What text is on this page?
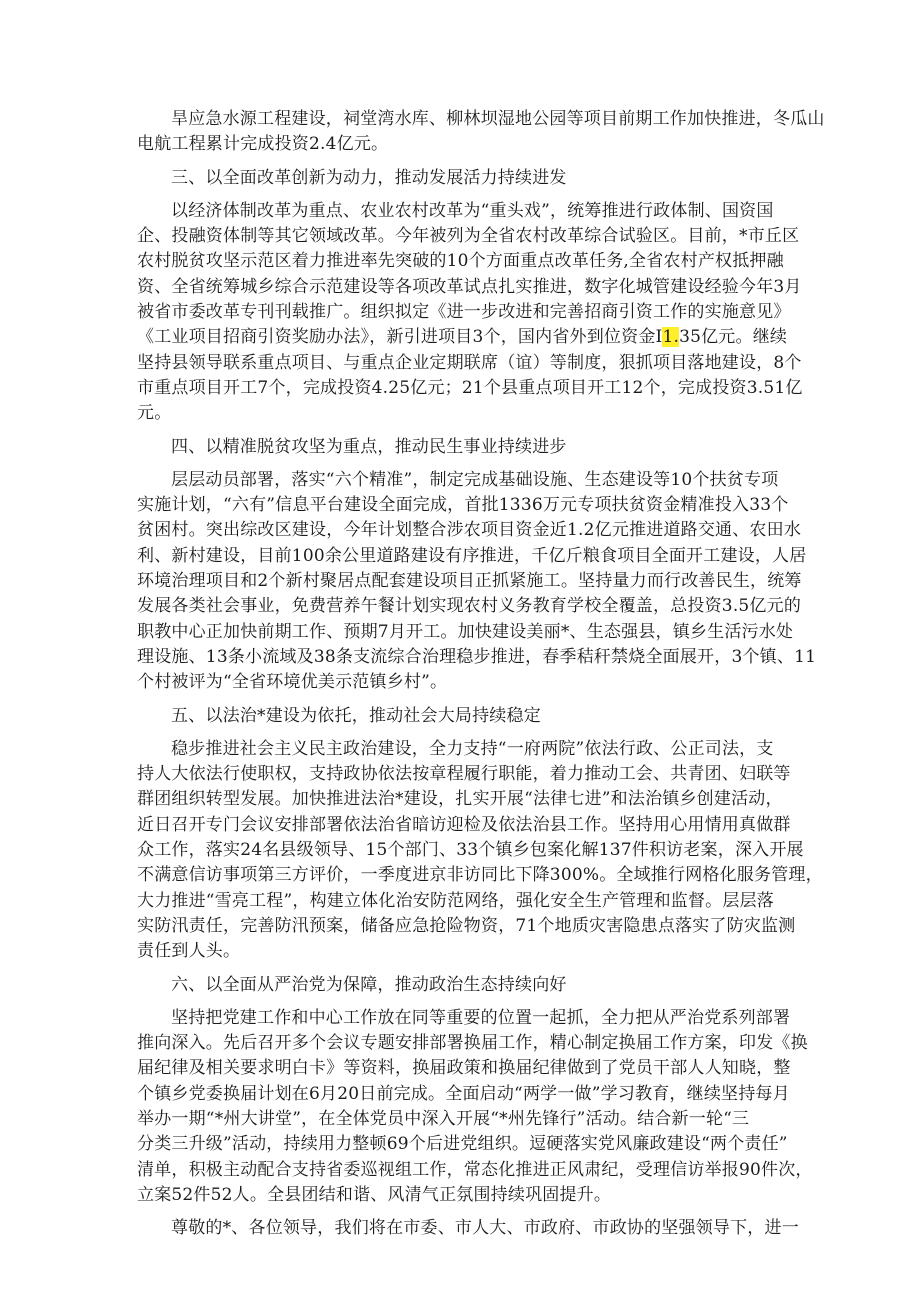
旱应急水源工程建设，祠堂湾水库、柳林坝湿地公园等项目前期工作加快推进，冬瓜山

电航工程累计完成投资2.4亿元。

三、以全面改革创新为动力，推动发展活力持续进发

以经济体制改革为重点、农业农村改革为“重头戏”，统筹推进行政体制、国资国

企、投融资体制等其它领域改革。今年被列为全省农村改革综合试验区。目前，*市丘区

农村脱贫攻坚示范区着力推进率先突破的10个方面重点改革任务,全省农村产权抵押融

资、全省统筹城乡综合示范建设等各项改革试点扎实推进，数字化城管建设经验今年3月

被省市委改革专刊刊载推广。组织拟定《进一步改进和完善招商引资工作的实施意见》

《工业项目招商引资奖励办法》，新引进项目3个，国内省外到位资金I1.35亿元。继续

坚持县领导联系重点项目、与重点企业定期联席（谊）等制度，狠抓项目落地建设，8个

市重点项目开工7个，完成投资4.25亿元；21个县重点项目开工12个，完成投资3.51亿

元。

四、以精准脱贫攻坚为重点，推动民生事业持续进步

层层动员部署，落实“六个精准”，制定完成基础设施、生态建设等10个扶贫专项

实施计划，“六有”信息平台建设全面完成，首批1336万元专项扶贫资金精准投入33个

贫困村。突出综改区建设，今年计划整合涉农项目资金近1.2亿元推进道路交通、农田水

利、新村建设，目前100余公里道路建设有序推进，千亿斤粮食项目全面开工建设，人居

环境治理项目和2个新村聚居点配套建设项目正抓紧施工。坚持量力而行改善民生，统筹

发展各类社会事业，免费营养午餐计划实现农村义务教育学校全覆盖，总投资3.5亿元的

职教中心正加快前期工作、预期7月开工。加快建设美丽*、生态强县，镇乡生活污水处

理设施、13条小流域及38条支流综合治理稳步推进，春季秸秆禁烧全面展开，3个镇、11

个村被评为“全省环境优美示范镇乡村”。

五、以法治*建设为依托，推动社会大局持续稳定

稳步推进社会主义民主政治建设，全力支持“一府两院”依法行政、公正司法，支

持人大依法行使职权，支持政协依法按章程履行职能，着力推动工会、共青团、妇联等

群团组织转型发展。加快推进法治*建设，扎实开展“法律七进”和法治镇乡创建活动，

近日召开专门会议安排部署依法治省暗访迎检及依法治县工作。坚持用心用情用真做群

众工作，落实24名县级领导、15个部门、33个镇乡包案化解137件积访老案，深入开展

不满意信访事项第三方评价，一季度进京非访同比下降300%。全域推行网格化服务管理，

大力推进“雪亮工程”，构建立体化治安防范网络，强化安全生产管理和监督。层层落

实防汛责任，完善防汛预案，储备应急抢险物资，71个地质灾害隐患点落实了防灾监测

责任到人头。

六、以全面从严治党为保障，推动政治生态持续向好

坚持把党建工作和中心工作放在同等重要的位置一起抓，全力把从严治党系列部署

推向深入。先后召开多个会议专题安排部署换届工作，精心制定换届工作方案，印发《换

届纪律及相关要求明白卡》等资料，换届政策和换届纪律做到了党员干部人人知晓，整

个镇乡党委换届计划在6月20日前完成。全面启动“两学一做”学习教育，继续坚持每月

举办一期“*州大讲堂”，在全体党员中深入开展“*州先锋行”活动。结合新一轮“三

分类三升级”活动，持续用力整顿69个后进党组织。逗硬落实党风廉政建设“两个责任”

清单，积极主动配合支持省委巡视组工作，常态化推进正风肃纪，受理信访举报90件次，

立案52件52人。全县团结和谐、风清气正氛围持续巩固提升。

尊敬的*、各位领导，我们将在市委、市人大、市政府、市政协的坚强领导下，进一
